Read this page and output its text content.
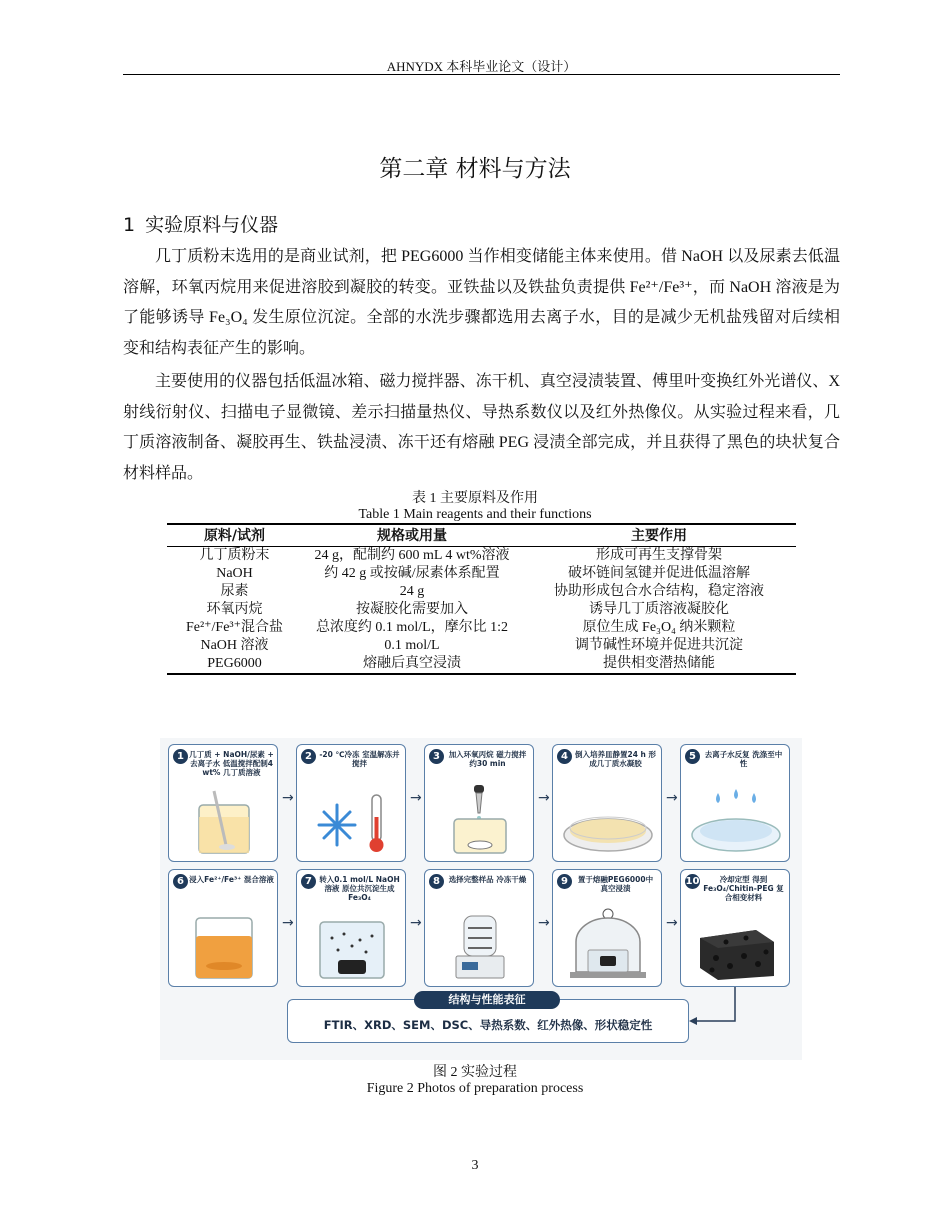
AHNYDX 本科毕业论文（设计）
第二章 材料与方法
1 实验原料与仪器
几丁质粉末选用的是商业试剂，把 PEG6000 当作相变储能主体来使用。借 NaOH 以及尿素去低温溶解，环氧丙烷用来促进溶胶到凝胶的转变。亚铁盐以及铁盐负责提供 Fe²⁺/Fe³⁺，而 NaOH 溶液是为了能够诱导 Fe₃O₄ 发生原位沉淀。全部的水洗步骤都选用去离子水，目的是减少无机盐残留对后续相变和结构表征产生的影响。
主要使用的仪器包括低温冰箱、磁力搅拌器、冻干机、真空浸渍装置、傅里叶变换红外光谱仪、X 射线衍射仪、扫描电子显微镜、差示扫描量热仪、导热系数仪以及红外热像仪。从实验过程来看，几丁质溶液制备、凝胶再生、铁盐浸渍、冻干还有熔融 PEG 浸渍全部完成，并且获得了黑色的块状复合材料样品。
表 1 主要原料及作用
Table 1 Main reagents and their functions
原料/试剂	规格或用量	主要作用
几丁质粉末	24 g，配制约 600 mL 4 wt%溶液	形成可再生支撑骨架
NaOH	约 42 g 或按碱/尿素体系配置	破坏链间氢键并促进低温溶解
尿素	24 g	协助形成包合水合结构，稳定溶液
环氧丙烷	按凝胶化需要加入	诱导几丁质溶液凝胶化
Fe²⁺/Fe³⁺混合盐	总浓度约 0.1 mol/L，摩尔比 1:2	原位生成 Fe₃O₄ 纳米颗粒
NaOH 溶液	0.1 mol/L	调节碱性环境并促进共沉淀
PEG6000	熔融后真空浸渍	提供相变潜热储能
1 几丁质 + NaOH/尿素 + 去离子水 低温搅拌配制4 wt% 几丁质溶液
→
2 -20 ℃冷冻 室温解冻并搅拌
→
3	加入环氧丙烷 磁力搅拌约30 min
→
4 倒入培养皿静置24 h 形成几丁质水凝胶
→
5	去离子水反复 洗涤至中性
6 浸入Fe²⁺/Fe³⁺ 混合溶液
→
7 转入0.1 mol/L NaOH溶液 原位共沉淀生成Fe₃O₄
→
8	选择完整样品 冷冻干燥
→
9	置于熔融PEG6000中 真空浸渍
→
10	冷却定型 得到Fe₃O₄/Chitin-PEG 复合相变材料
结构与性能表征
FTIR、XRD、SEM、DSC、导热系数、红外热像、形状稳定性
图 2 实验过程
Figure 2 Photos of preparation process
3
